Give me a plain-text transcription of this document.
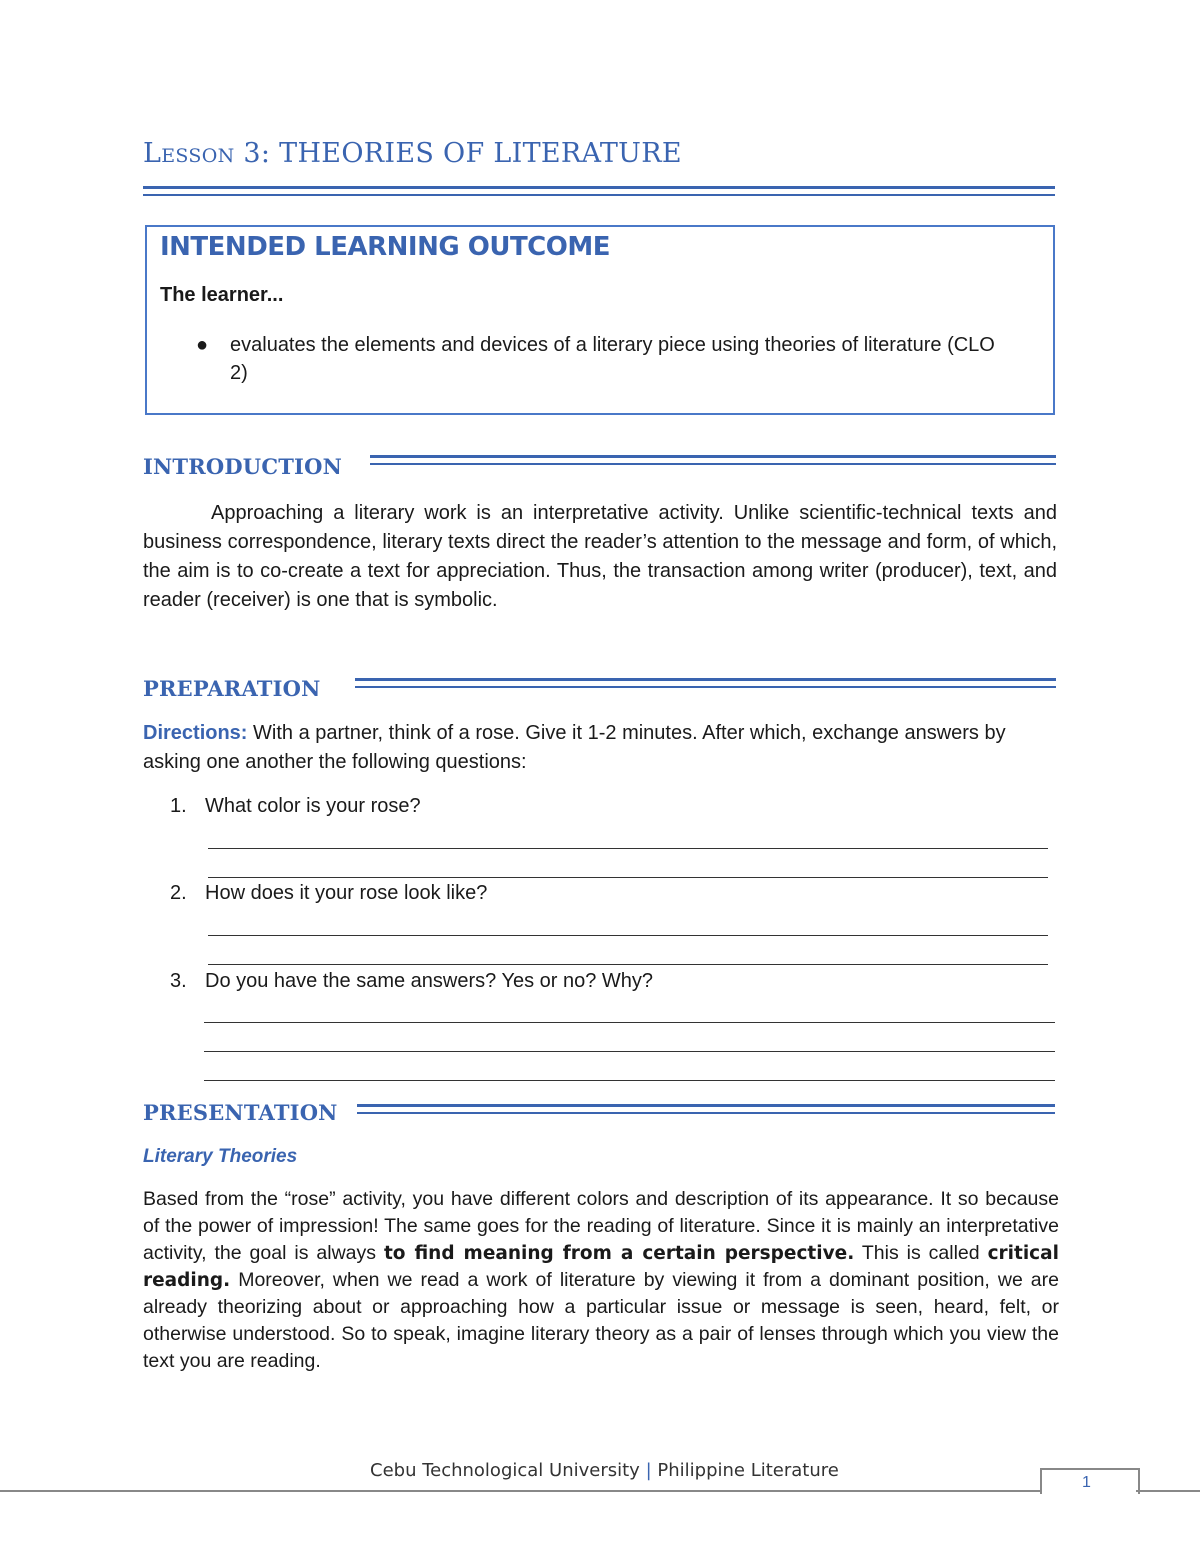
Lesson 3: THEORIES OF LITERATURE
INTENDED LEARNING OUTCOME
The learner...
● evaluates the elements and devices of a literary piece using theories of literature (CLO 2)
INTRODUCTION
Approaching a literary work is an interpretative activity. Unlike scientific-technical texts and business correspondence, literary texts direct the reader’s attention to the message and form, of which, the aim is to co-create a text for appreciation. Thus, the transaction among writer (producer), text, and reader (receiver) is one that is symbolic.
PREPARATION
Directions: With a partner, think of a rose. Give it 1-2 minutes. After which, exchange answers by asking one another the following questions:
1. What color is your rose?
2. How does it your rose look like?
3. Do you have the same answers? Yes or no? Why?
PRESENTATION
Literary Theories
Based from the “rose” activity, you have different colors and description of its appearance. It so because of the power of impression! The same goes for the reading of literature. Since it is mainly an interpretative activity, the goal is always to find meaning from a certain perspective. This is called critical reading. Moreover, when we read a work of literature by viewing it from a dominant position, we are already theorizing about or approaching how a particular issue or message is seen, heard, felt, or otherwise understood. So to speak, imagine literary theory as a pair of lenses through which you view the text you are reading.
Cebu Technological University | Philippine Literature
1
